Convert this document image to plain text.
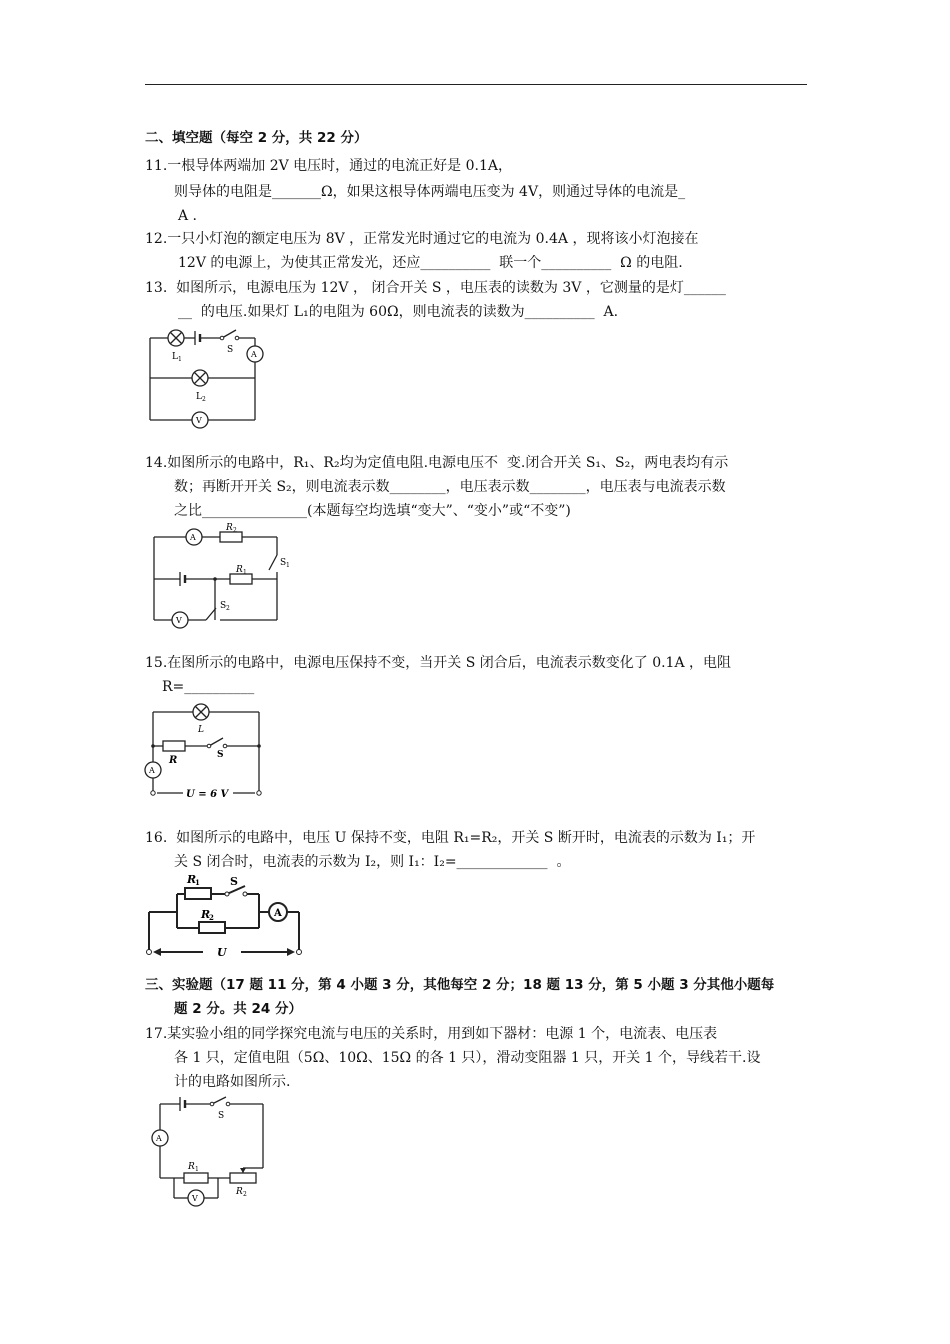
二、填空题（每空 2 分，共 22 分）
11.一根导体两端加 2V 电压时，通过的电流正好是 0.1A，
则导体的电阻是_______Ω，如果这根导体两端电压变为 4V，则通过导体的电流是_
A .
12.一只小灯泡的额定电压为 8V ，正常发光时通过它的电流为 0.4A ，现将该小灯泡接在
12V 的电源上，为使其正常发光，还应__________  联一个__________  Ω 的电阻.
13.  如图所示，电源电压为 12V ， 闭合开关 S ，电压表的读数为 3V ，它测量的是灯______
__  的电压.如果灯 L₁的电阻为 60Ω，则电流表的读数为__________  A.
L 1
S A
L 2
V
14.如图所示的电路中，R₁、R₂均为定值电阻.电源电压不  变.闭合开关 S₁、S₂，两电表均有示
数；再断开开关 S₂，则电流表示数________，电压表示数________，电压表与电流表示数
之比_______________(本题每空均选填“变大”、“变小”或“不变”)
A
V
R 2
R 1
S 1
S 2
15.在图所示的电路中，电源电压保持不变，当开关 S 闭合后，电流表示数变化了 0.1A ，电阻
R=__________
L
R	S
A
U = 6 V
16.  如图所示的电路中，电压 U 保持不变，电阻 R₁=R₂，开关 S 断开时，电流表的示数为 I₁；开
关 S 闭合时，电流表的示数为 I₂，则 I₁：I₂=_____________  。
R
1	S
R
2	A
U
三、实验题（17 题 11 分，第 4 小题 3 分，其他每空 2 分；18 题 13 分，第 5 小题 3 分其他小题每
题 2 分。共 24 分）
17.某实验小组的同学探究电流与电压的关系时，用到如下器材：电源 1 个，电流表、电压表
各 1 只，定值电阻（5Ω、10Ω、15Ω 的各 1 只），滑动变阻器 1 只，开关 1 个，导线若干.设
计的电路如图所示.
A
V
S
R 1
R 2
